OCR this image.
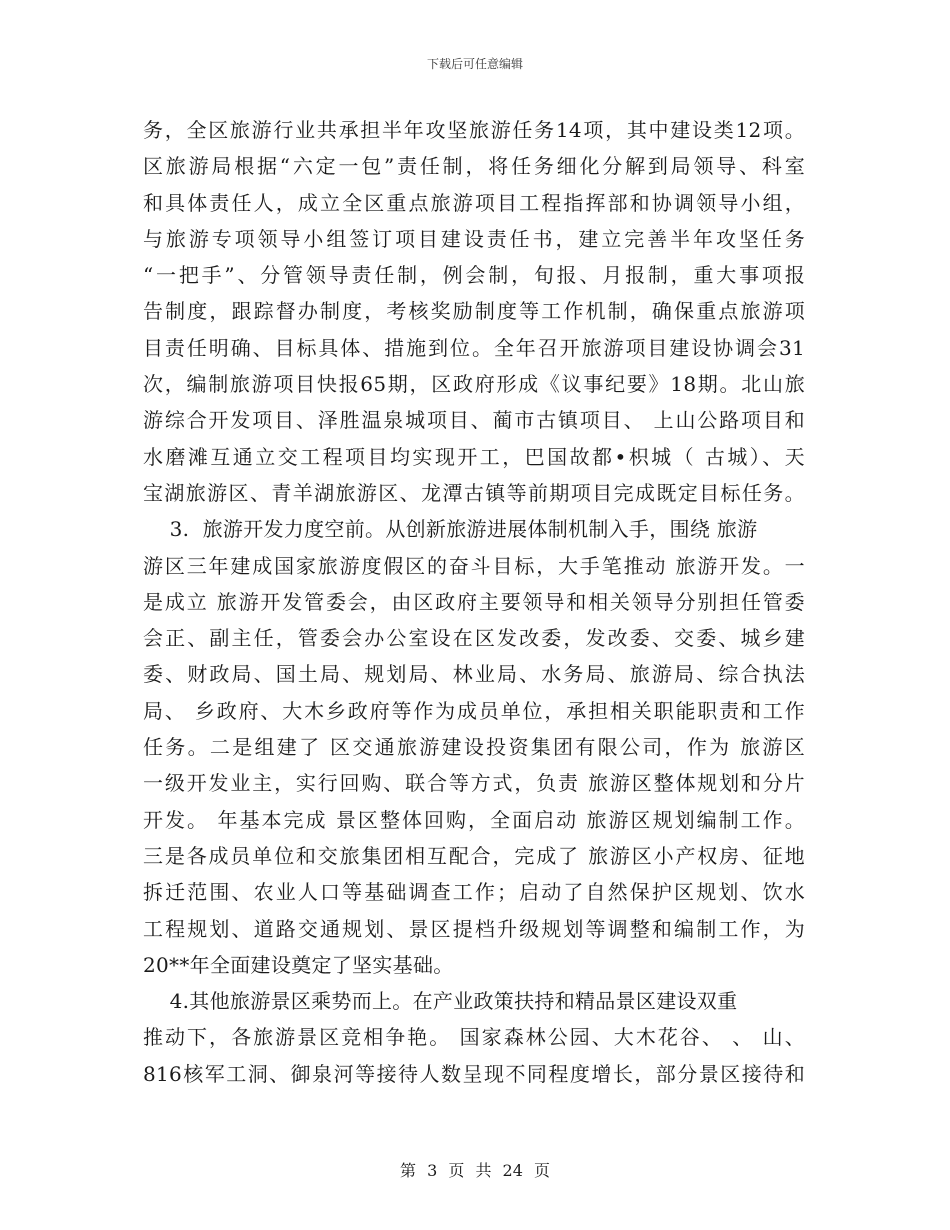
下载后可任意编辑
务，全区旅游行业共承担半年攻坚旅游任务14项，其中建设类12项。
区旅游局根据“六定一包”责任制，将任务细化分解到局领导、科室
和具体责任人，成立全区重点旅游项目工程指挥部和协调领导小组，
与旅游专项领导小组签订项目建设责任书，建立完善半年攻坚任务
“一把手”、分管领导责任制，例会制，旬报、月报制，重大事项报
告制度，跟踪督办制度，考核奖励制度等工作机制，确保重点旅游项
目责任明确、目标具体、措施到位。全年召开旅游项目建设协调会31
次，编制旅游项目快报65期，区政府形成《议事纪要》18期。北山旅
游综合开发项目、泽胜温泉城项目、蔺市古镇项目、 上山公路项目和
水磨滩互通立交工程项目均实现开工，巴国故都•枳城（ 古城）、天
宝湖旅游区、青羊湖旅游区、龙潭古镇等前期项目完成既定目标任务。
3.  旅游开发力度空前。从创新旅游进展体制机制入手，围绕 旅游
游区三年建成国家旅游度假区的奋斗目标，大手笔推动 旅游开发。一
是成立 旅游开发管委会，由区政府主要领导和相关领导分别担任管委
会正、副主任，管委会办公室设在区发改委，发改委、交委、城乡建
委、财政局、国土局、规划局、林业局、水务局、旅游局、综合执法
局、 乡政府、大木乡政府等作为成员单位，承担相关职能职责和工作
任务。二是组建了 区交通旅游建设投资集团有限公司，作为 旅游区
一级开发业主，实行回购、联合等方式，负责 旅游区整体规划和分片
开发。 年基本完成 景区整体回购，全面启动 旅游区规划编制工作。
三是各成员单位和交旅集团相互配合，完成了 旅游区小产权房、征地
拆迁范围、农业人口等基础调查工作；启动了自然保护区规划、饮水
工程规划、道路交通规划、景区提档升级规划等调整和编制工作，为
20**年全面建设奠定了坚实基础。
4.其他旅游景区乘势而上。在产业政策扶持和精品景区建设双重
推动下，各旅游景区竞相争艳。 国家森林公园、大木花谷、 、 山、
816核军工洞、御泉河等接待人数呈现不同程度增长，部分景区接待和
第 3 页 共 24 页
